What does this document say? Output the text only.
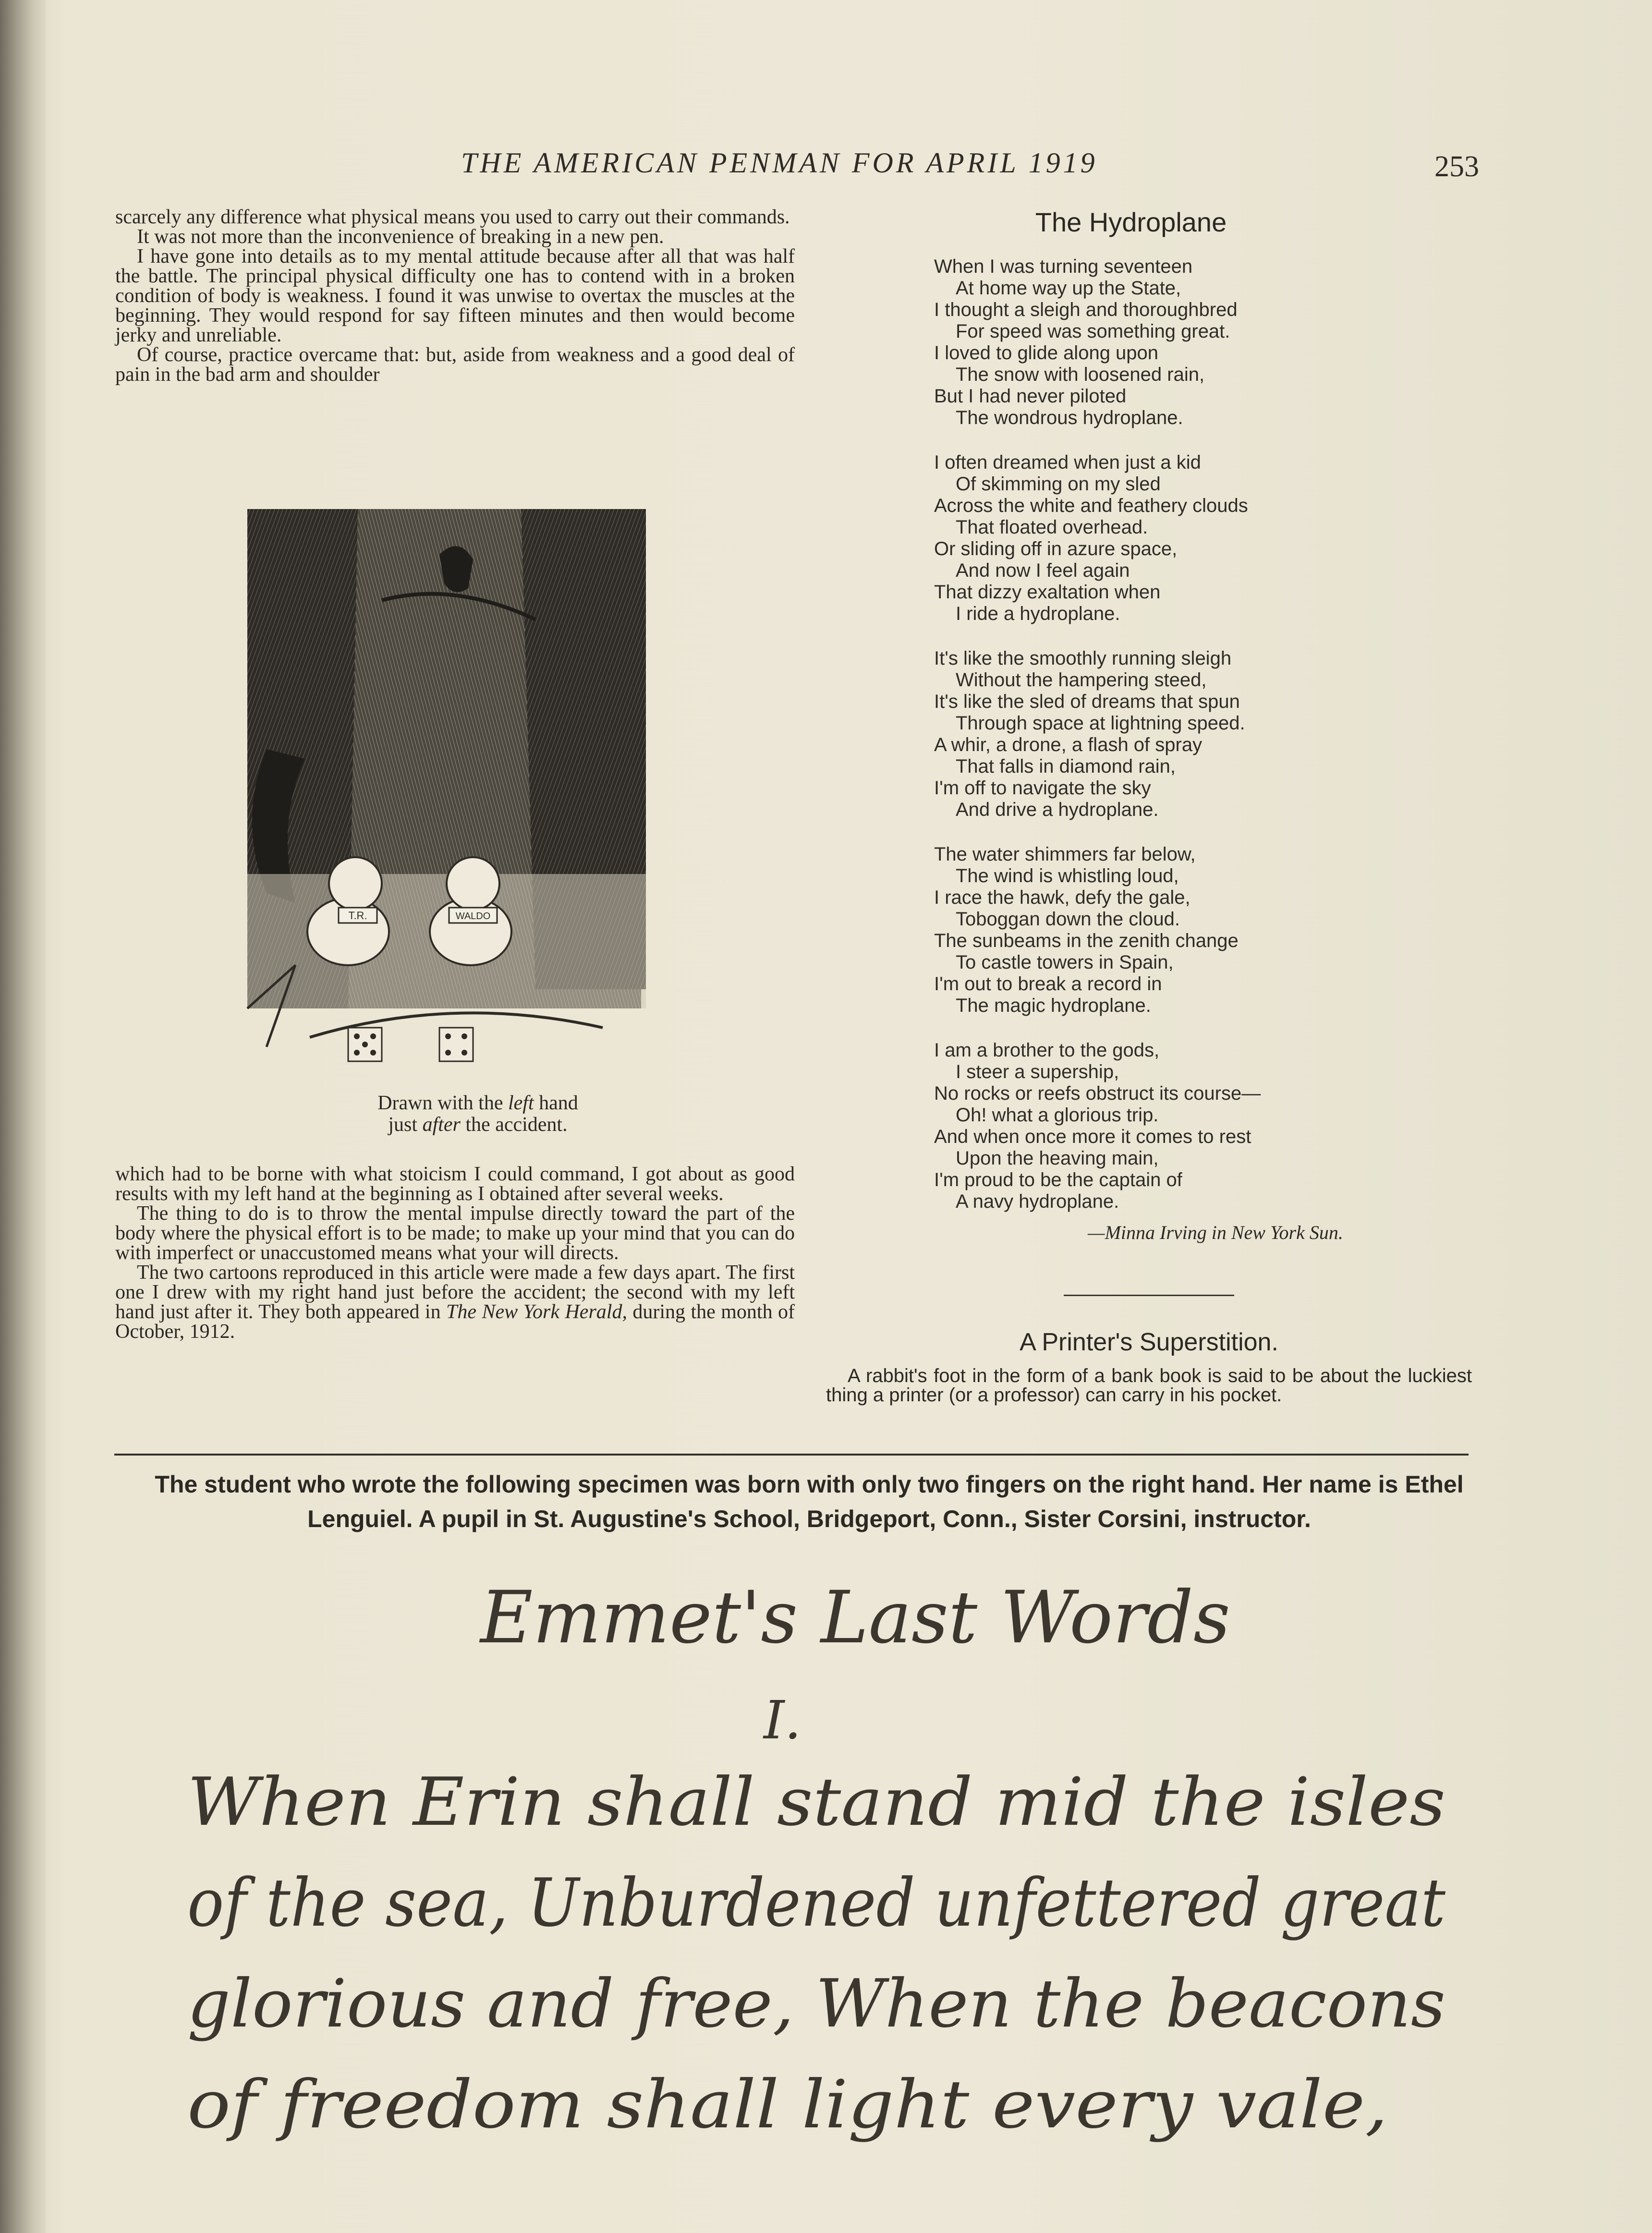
THE AMERICAN PENMAN FOR APRIL 1919	253

scarcely any difference what physical means you used to carry out their commands.

It was not more than the inconvenience of breaking in a new pen.

I have gone into details as to my mental attitude because after all that was half the battle. The principal physical difficulty one has to contend with in a broken condition of body is weakness. I found it was unwise to overtax the muscles at the beginning. They would respond for say fifteen minutes and then would become jerky and unreliable.

Of course, practice overcame that: but, aside from weakness and a good deal of pain in the bad arm and shoulder

T.R.	WALDO
Drawn with the left hand
just after the accident.

which had to be borne with what stoicism I could command, I got about as good results with my left hand at the beginning as I obtained after several weeks.

The thing to do is to throw the mental impulse directly toward the part of the body where the physical effort is to be made; to make up your mind that you can do with imperfect or unaccustomed means what your will directs.

The two cartoons reproduced in this article were made a few days apart. The first one I drew with my right hand just before the accident; the second with my left hand just after it. They both appeared in The New York Herald, during the month of October, 1912.

The Hydroplane
When I was turning seventeen
At home way up the State,
I thought a sleigh and thoroughbred
For speed was something great.
I loved to glide along upon
The snow with loosened rain,
But I had never piloted
The wondrous hydroplane.
I often dreamed when just a kid
Of skimming on my sled
Across the white and feathery clouds
That floated overhead.
Or sliding off in azure space,
And now I feel again
That dizzy exaltation when
I ride a hydroplane.
It's like the smoothly running sleigh
Without the hampering steed,
It's like the sled of dreams that spun
Through space at lightning speed.
A whir, a drone, a flash of spray
That falls in diamond rain,
I'm off to navigate the sky
And drive a hydroplane.
The water shimmers far below,
The wind is whistling loud,
I race the hawk, defy the gale,
Toboggan down the cloud.
The sunbeams in the zenith change
To castle towers in Spain,
I'm out to break a record in
The magic hydroplane.
I am a brother to the gods,
I steer a supership,
No rocks or reefs obstruct its course—
Oh! what a glorious trip.
And when once more it comes to rest
Upon the heaving main,
I'm proud to be the captain of
A navy hydroplane.
—Minna Irving in New York Sun.
A Printer's Superstition.
A rabbit's foot in the form of a bank book is said to be about the luckiest thing a printer (or a professor) can carry in his pocket.
The student who wrote the following specimen was born with only two fingers on the right hand. Her name is Ethel
Lenguiel. A pupil in St. Augustine's School, Bridgeport, Conn., Sister Corsini, instructor.
Emmet's Last Words
I.
When Erin shall stand mid the isles
of the sea, Unburdened unfettered great
glorious and free, When the beacons
of freedom shall light every vale,
